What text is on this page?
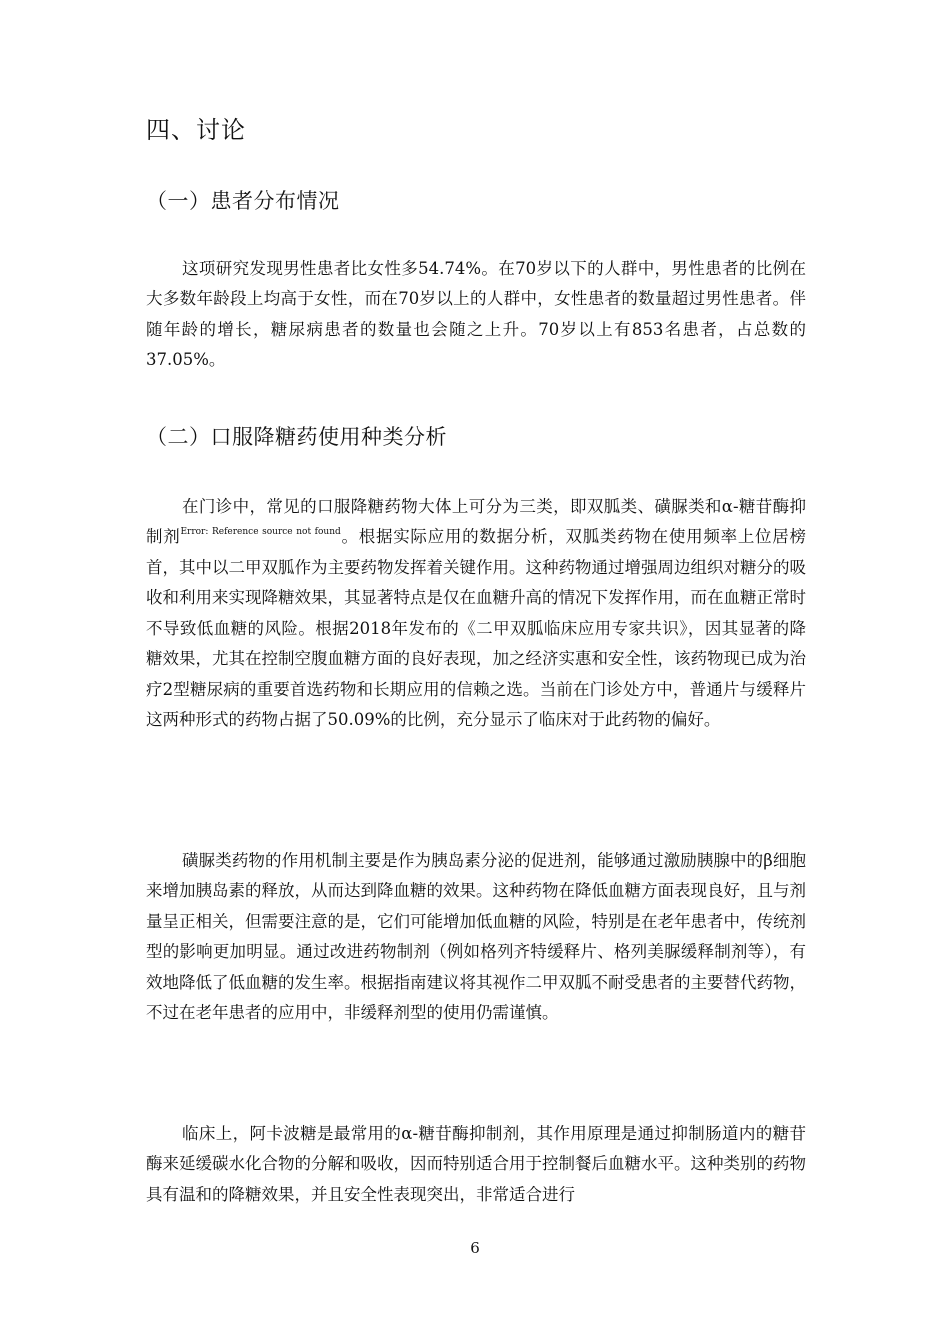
四、讨论
（一）患者分布情况

这项研究发现男性患者比女性多54.74%。在70岁以下的人群中，男性患者的比例在大多数年龄段上均高于女性，而在70岁以上的人群中，女性患者的数量超过男性患者。伴随年龄的增长，糖尿病患者的数量也会随之上升。70岁以上有853名患者，占总数的37.05%。

（二）口服降糖药使用种类分析

在门诊中，常见的口服降糖药物大体上可分为三类，即双胍类、磺脲类和α-糖苷酶抑制剂$^{Error: Reference source not found}$。根据实际应用的数据分析，双胍类药物在使用频率上位居榜首，其中以二甲双胍作为主要药物发挥着关键作用。这种药物通过增强周边组织对糖分的吸收和利用来实现降糖效果，其显著特点是仅在血糖升高的情况下发挥作用，而在血糖正常时不导致低血糖的风险。根据2018年发布的《二甲双胍临床应用专家共识》，因其显著的降糖效果，尤其在控制空腹血糖方面的良好表现，加之经济实惠和安全性，该药物现已成为治疗2型糖尿病的重要首选药物和长期应用的信赖之选。当前在门诊处方中，普通片与缓释片这两种形式的药物占据了50.09%的比例，充分显示了临床对于此药物的偏好。

磺脲类药物的作用机制主要是作为胰岛素分泌的促进剂，能够通过激励胰腺中的β细胞来增加胰岛素的释放，从而达到降血糖的效果。这种药物在降低血糖方面表现良好，且与剂量呈正相关，但需要注意的是，它们可能增加低血糖的风险，特别是在老年患者中，传统剂型的影响更加明显。通过改进药物制剂（例如格列齐特缓释片、格列美脲缓释制剂等），有效地降低了低血糖的发生率。根据指南建议将其视作二甲双胍不耐受患者的主要替代药物，不过在老年患者的应用中，非缓释剂型的使用仍需谨慎。

临床上，阿卡波糖是最常用的α-糖苷酶抑制剂，其作用原理是通过抑制肠道内的糖苷酶来延缓碳水化合物的分解和吸收，因而特别适合用于控制餐后血糖水平。这种类别的药物具有温和的降糖效果，并且安全性表现突出，非常适合进行

6
